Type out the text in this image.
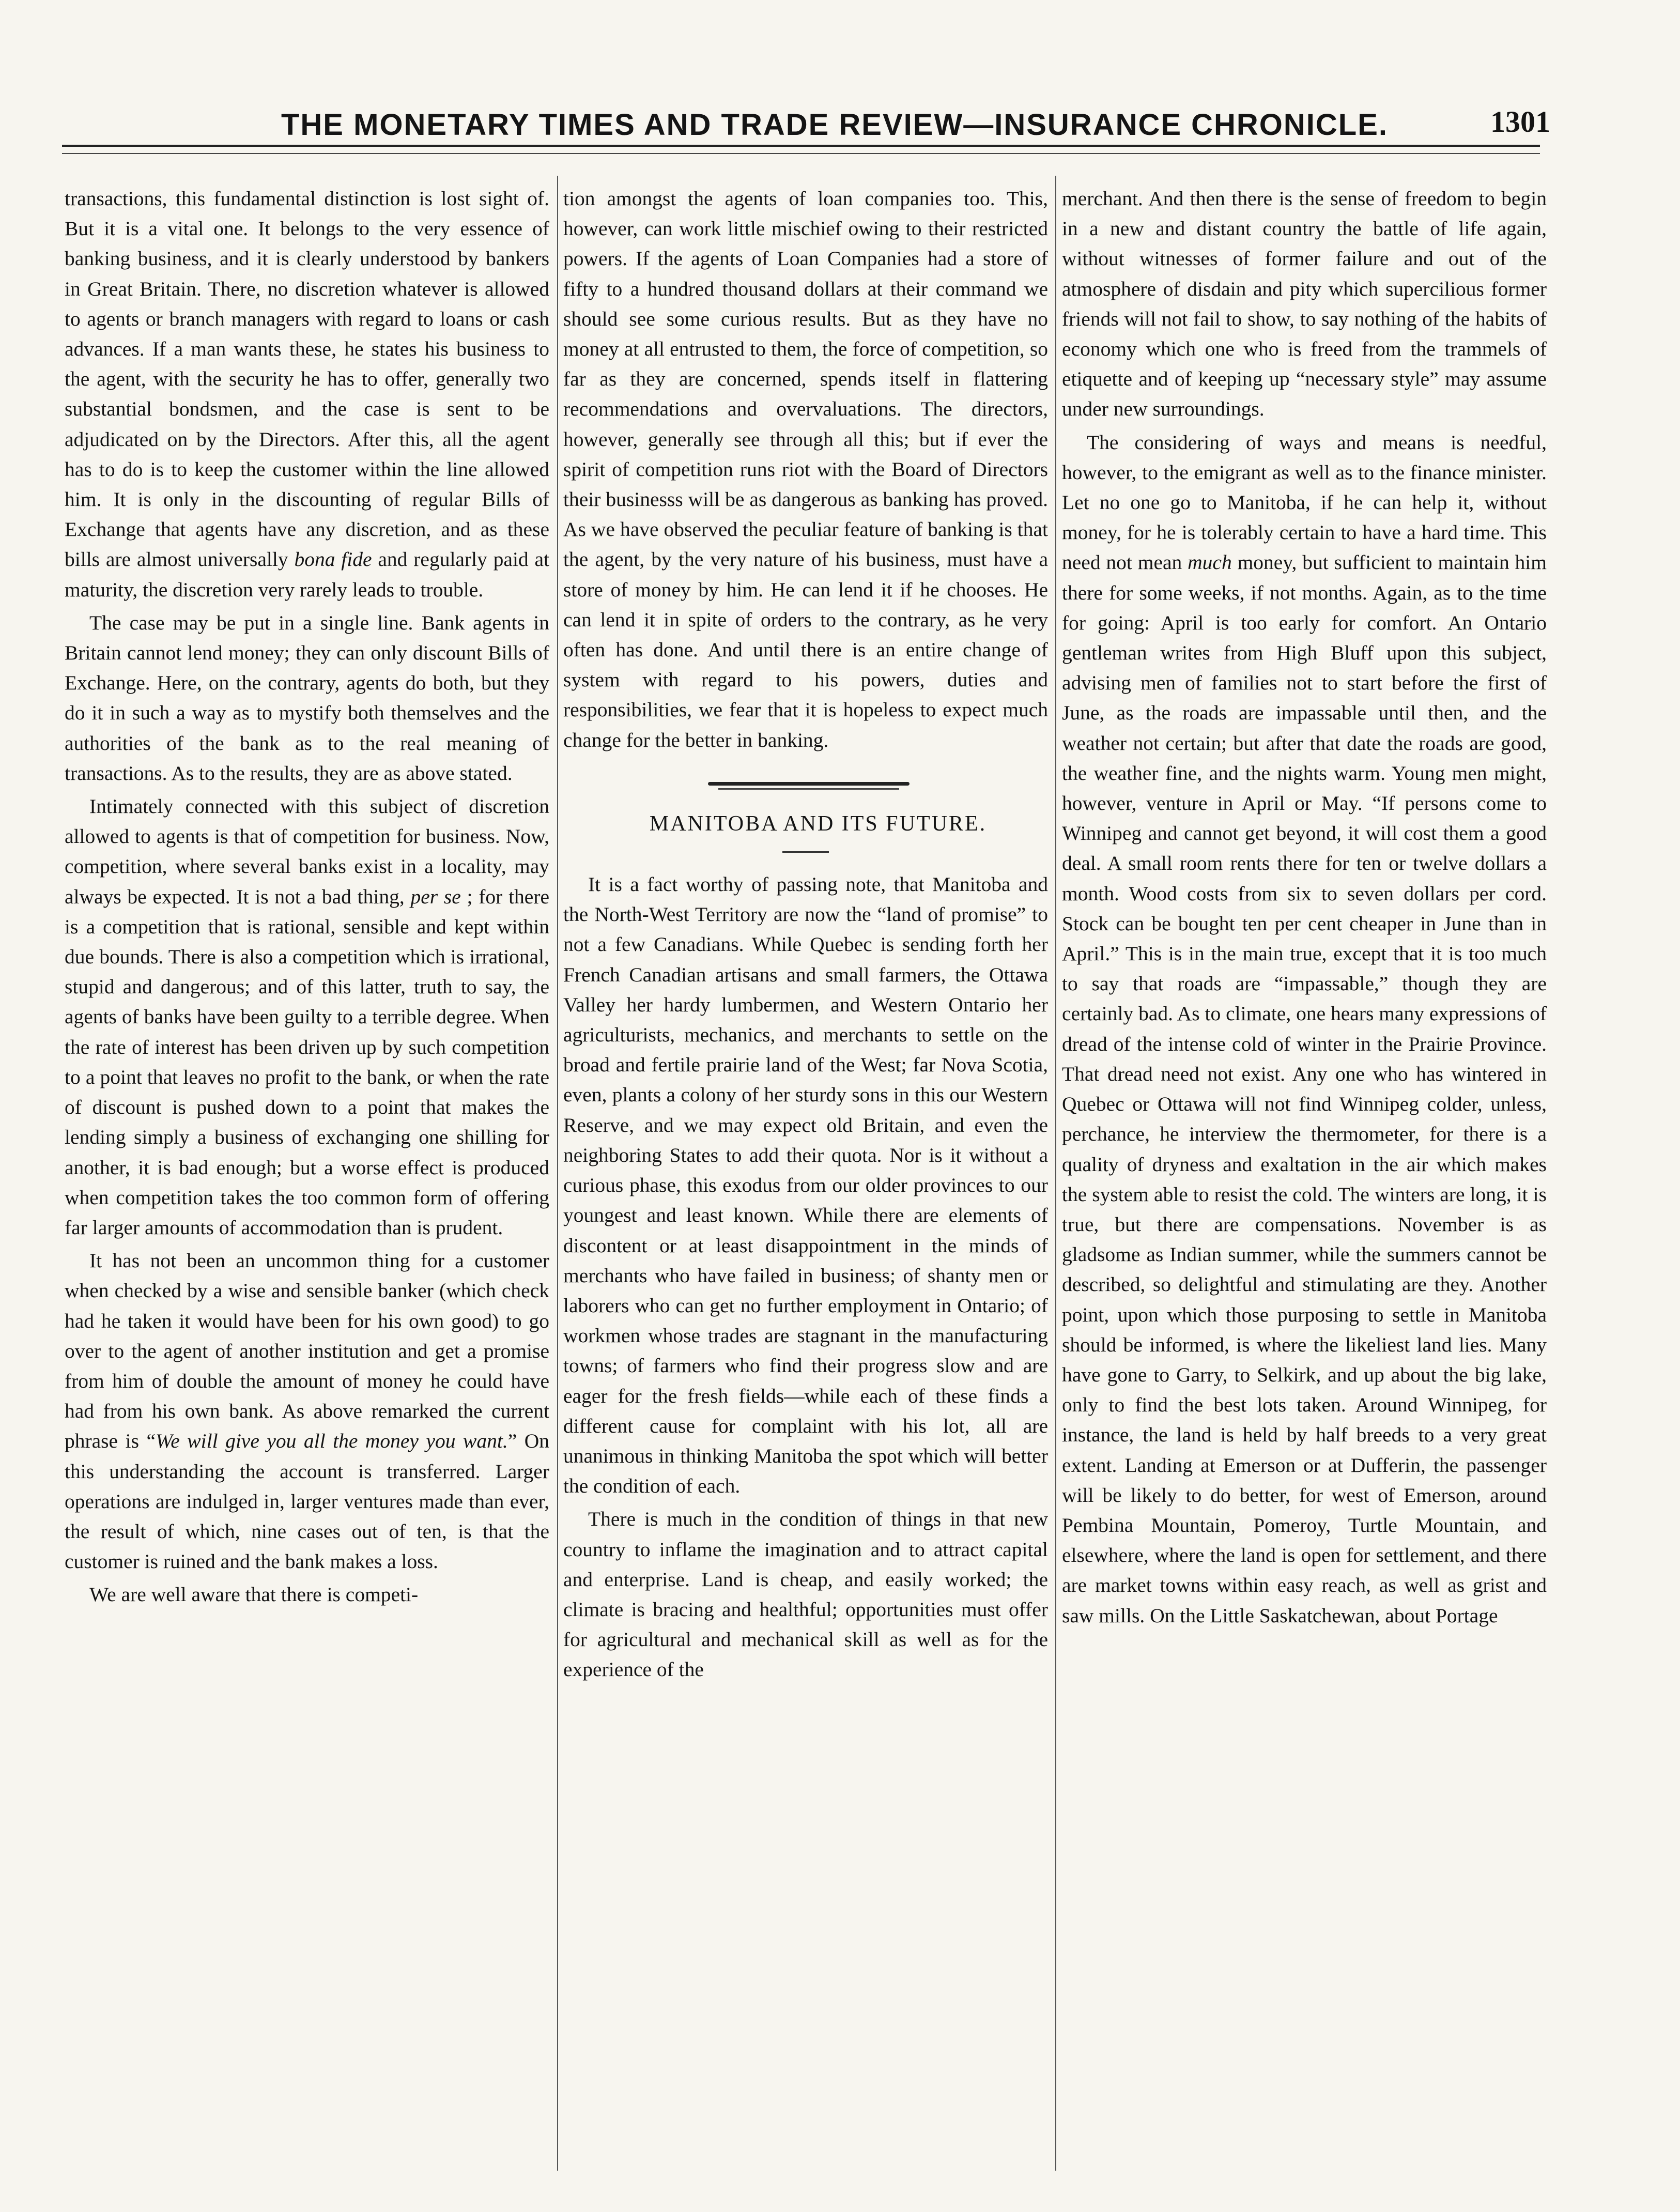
THE MONETARY TIMES AND TRADE REVIEW—INSURANCE CHRONICLE.	1301

transactions, this fundamental distinction is lost sight of. But it is a vital one. It belongs to the very essence of banking business, and it is clearly understood by bankers in Great Britain. There, no discretion whatever is allowed to agents or branch managers with regard to loans or cash advances. If a man wants these, he states his business to the agent, with the security he has to offer, generally two substantial bondsmen, and the case is sent to be adjudicated on by the Directors. After this, all the agent has to do is to keep the customer within the line allowed him. It is only in the discounting of regular Bills of Exchange that agents have any discretion, and as these bills are almost universally bona fide and regularly paid at maturity, the discretion very rarely leads to trouble.

The case may be put in a single line. Bank agents in Britain cannot lend money; they can only discount Bills of Exchange. Here, on the contrary, agents do both, but they do it in such a way as to mystify both themselves and the authorities of the bank as to the real meaning of transactions. As to the results, they are as above stated.

Intimately connected with this subject of discretion allowed to agents is that of competition for business. Now, competition, where several banks exist in a locality, may always be expected. It is not a bad thing, per se ; for there is a competition that is rational, sensible and kept within due bounds. There is also a competition which is irrational, stupid and dangerous; and of this latter, truth to say, the agents of banks have been guilty to a terrible degree. When the rate of interest has been driven up by such competition to a point that leaves no profit to the bank, or when the rate of discount is pushed down to a point that makes the lending simply a business of exchanging one shilling for another, it is bad enough; but a worse effect is produced when competition takes the too common form of offering far larger amounts of accommodation than is prudent.

It has not been an uncommon thing for a customer when checked by a wise and sensible banker (which check had he taken it would have been for his own good) to go over to the agent of another institution and get a promise from him of double the amount of money he could have had from his own bank. As above remarked the current phrase is “We will give you all the money you want.” On this understanding the account is transferred. Larger operations are indulged in, larger ventures made than ever, the result of which, nine cases out of ten, is that the customer is ruined and the bank makes a loss.

We are well aware that there is competi-

tion amongst the agents of loan companies too. This, however, can work little mischief owing to their restricted powers. If the agents of Loan Companies had a store of fifty to a hundred thousand dollars at their command we should see some curious results. But as they have no money at all entrusted to them, the force of competition, so far as they are concerned, spends itself in flattering recommendations and overvaluations. The directors, however, generally see through all this; but if ever the spirit of competition runs riot with the Board of Directors their businesss will be as dangerous as banking has proved. As we have observed the peculiar feature of banking is that the agent, by the very nature of his business, must have a store of money by him. He can lend it if he chooses. He can lend it in spite of orders to the contrary, as he very often has done. And until there is an entire change of system with regard to his powers, duties and responsibilities, we fear that it is hopeless to expect much change for the better in banking.

MANITOBA AND ITS FUTURE.

It is a fact worthy of passing note, that Manitoba and the North-West Territory are now the “land of promise” to not a few Canadians. While Quebec is sending forth her French Canadian artisans and small farmers, the Ottawa Valley her hardy lumbermen, and Western Ontario her agriculturists, mechanics, and merchants to settle on the broad and fertile prairie land of the West; far Nova Scotia, even, plants a colony of her sturdy sons in this our Western Reserve, and we may expect old Britain, and even the neighboring States to add their quota. Nor is it without a curious phase, this exodus from our older provinces to our youngest and least known. While there are elements of discontent or at least disappointment in the minds of merchants who have failed in business; of shanty men or laborers who can get no further employment in Ontario; of workmen whose trades are stagnant in the manufacturing towns; of farmers who find their progress slow and are eager for the fresh fields—while each of these finds a different cause for complaint with his lot, all are unanimous in thinking Manitoba the spot which will better the condition of each.

There is much in the condition of things in that new country to inflame the imagination and to attract capital and enterprise. Land is cheap, and easily worked; the climate is bracing and healthful; opportunities must offer for agricultural and mechanical skill as well as for the experience of the

merchant. And then there is the sense of freedom to begin in a new and distant country the battle of life again, without witnesses of former failure and out of the atmosphere of disdain and pity which supercilious former friends will not fail to show, to say nothing of the habits of economy which one who is freed from the trammels of etiquette and of keeping up “necessary style” may assume under new surroundings.

The considering of ways and means is needful, however, to the emigrant as well as to the finance minister. Let no one go to Manitoba, if he can help it, without money, for he is tolerably certain to have a hard time. This need not mean much money, but sufficient to maintain him there for some weeks, if not months. Again, as to the time for going: April is too early for comfort. An Ontario gentleman writes from High Bluff upon this subject, advising men of families not to start before the first of June, as the roads are impassable until then, and the weather not certain; but after that date the roads are good, the weather fine, and the nights warm. Young men might, however, venture in April or May. “If persons come to Winnipeg and cannot get beyond, it will cost them a good deal. A small room rents there for ten or twelve dollars a month. Wood costs from six to seven dollars per cord. Stock can be bought ten per cent cheaper in June than in April.” This is in the main true, except that it is too much to say that roads are “impassable,” though they are certainly bad. As to climate, one hears many expressions of dread of the intense cold of winter in the Prairie Province. That dread need not exist. Any one who has wintered in Quebec or Ottawa will not find Winnipeg colder, unless, perchance, he interview the thermometer, for there is a quality of dryness and exaltation in the air which makes the system able to resist the cold. The winters are long, it is true, but there are compensations. November is as gladsome as Indian summer, while the summers cannot be described, so delightful and stimulating are they. Another point, upon which those purposing to settle in Manitoba should be informed, is where the likeliest land lies. Many have gone to Garry, to Selkirk, and up about the big lake, only to find the best lots taken. Around Winnipeg, for instance, the land is held by half breeds to a very great extent. Landing at Emerson or at Dufferin, the passenger will be likely to do better, for west of Emerson, around Pembina Mountain, Pomeroy, Turtle Mountain, and elsewhere, where the land is open for settlement, and there are market towns within easy reach, as well as grist and saw mills. On the Little Saskatchewan, about Portage
